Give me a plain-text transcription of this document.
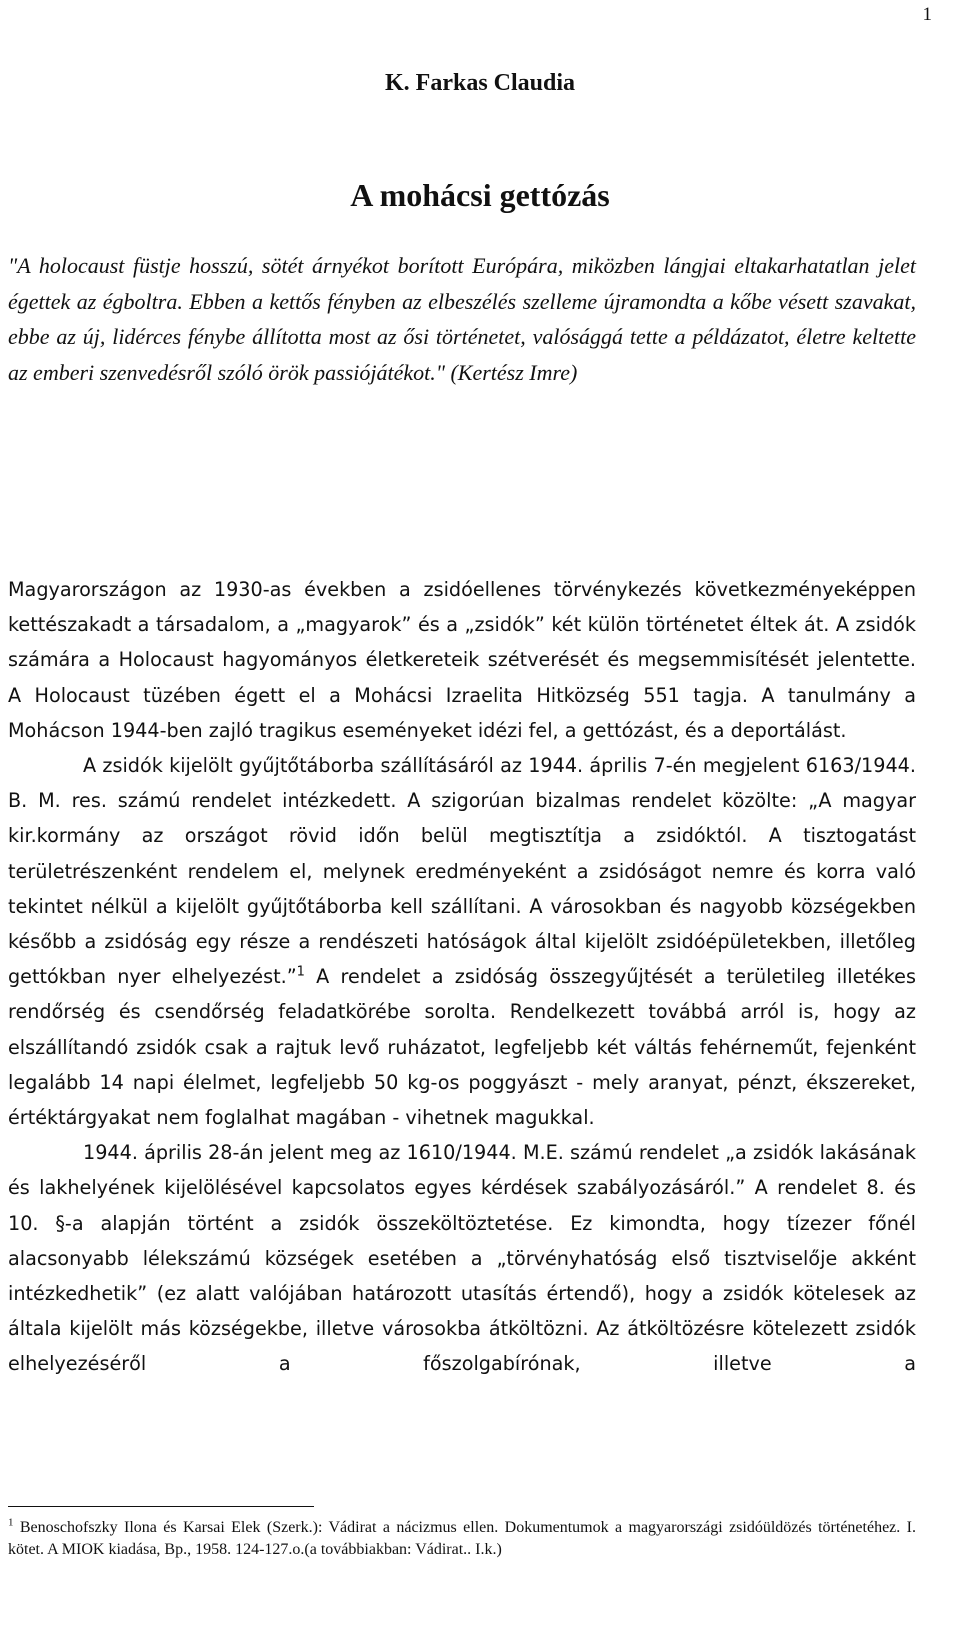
1
K. Farkas Claudia
A mohácsi gettózás

"A holocaust füstje hosszú, sötét árnyékot borított Európára, miközben lángjai eltakarhatatlan jelet égettek az égboltra. Ebben a kettős fényben az elbeszélés szelleme újramondta a kőbe vésett szavakat, ebbe az új, lidérces fénybe állította most az ősi történetet, valósággá tette a példázatot, életre keltette az emberi szenvedésről szóló örök passiójátékot." (Kertész Imre)

Magyarországon az 1930-as években a zsidóellenes törvénykezés következményeképpen kettészakadt a társadalom, a „magyarok” és a „zsidók” két külön történetet éltek át. A zsidók számára a Holocaust hagyományos életkereteik szétverését és megsemmisítését jelentette. A Holocaust tüzében égett el a Mohácsi Izraelita Hitközség 551 tagja. A tanulmány a Mohácson 1944-ben zajló tragikus eseményeket idézi fel, a gettózást, és a deportálást.

A zsidók kijelölt gyűjtőtáborba szállításáról az 1944. április 7-én megjelent 6163/1944. B. M. res. számú rendelet intézkedett. A szigorúan bizalmas rendelet közölte: „A magyar kir.kormány az országot rövid időn belül megtisztítja a zsidóktól. A tisztogatást területrészenként rendelem el, melynek eredményeként a zsidóságot nemre és korra való tekintet nélkül a kijelölt gyűjtőtáborba kell szállítani. A városokban és nagyobb községekben később a zsidóság egy része a rendészeti hatóságok által kijelölt zsidóépületekben, illetőleg gettókban nyer elhelyezést.”$^1$ A rendelet a zsidóság összegyűjtését a területileg illetékes rendőrség és csendőrség feladatkörébe sorolta. Rendelkezett továbbá arról is, hogy az elszállítandó zsidók csak a rajtuk levő ruházatot, legfeljebb két váltás fehérneműt, fejenként legalább 14 napi élelmet, legfeljebb 50 kg-os poggyászt - mely aranyat, pénzt, ékszereket, értéktárgyakat nem foglalhat magában - vihetnek magukkal.

1944. április 28-án jelent meg az 1610/1944. M.E. számú rendelet „a zsidók lakásának és lakhelyének kijelölésével kapcsolatos egyes kérdések szabályozásáról.” A rendelet 8. és 10. §-a alapján történt a zsidók összeköltöztetése. Ez kimondta, hogy tízezer főnél alacsonyabb lélekszámú községek esetében a „törvényhatóság első tisztviselője akként intézkedhetik” (ez alatt valójában határozott utasítás értendő), hogy a zsidók kötelesek az általa kijelölt más községekbe, illetve városokba átköltözni. Az átköltözésre kötelezett zsidók elhelyezéséről a főszolgabírónak, illetve a

$^1$ Benoschofszky Ilona és Karsai Elek (Szerk.): Vádirat a nácizmus ellen. Dokumentumok a magyarországi zsidóüldözés történetéhez. I. kötet. A MIOK kiadása, Bp., 1958. 124-127.o.(a továbbiakban: Vádirat.. I.k.)
